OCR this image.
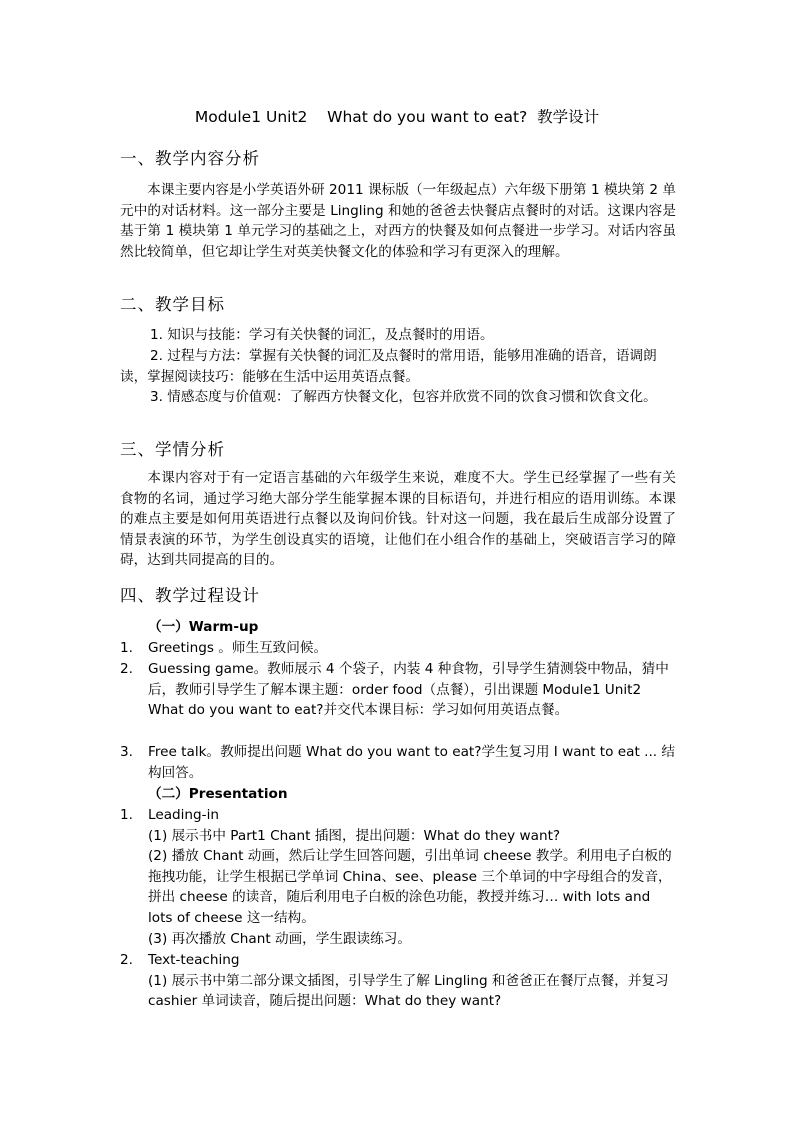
Module1 Unit2    What do you want to eat?  教学设计
一、教学内容分析
本课主要内容是小学英语外研 2011 课标版（一年级起点）六年级下册第 1 模块第 2 单元中的对话材料。这一部分主要是 Lingling 和她的爸爸去快餐店点餐时的对话。这课内容是基于第 1 模块第 1 单元学习的基础之上，对西方的快餐及如何点餐进一步学习。对话内容虽然比较简单，但它却让学生对英美快餐文化的体验和学习有更深入的理解。
二、教学目标
1. 知识与技能：学习有关快餐的词汇，及点餐时的用语。
2. 过程与方法：掌握有关快餐的词汇及点餐时的常用语，能够用准确的语音，语调朗读，掌握阅读技巧：能够在生活中运用英语点餐。
3. 情感态度与价值观：了解西方快餐文化，包容并欣赏不同的饮食习惯和饮食文化。
三、学情分析
本课内容对于有一定语言基础的六年级学生来说，难度不大。学生已经掌握了一些有关食物的名词，通过学习绝大部分学生能掌握本课的目标语句，并进行相应的语用训练。本课的难点主要是如何用英语进行点餐以及询问价钱。针对这一问题，我在最后生成部分设置了情景表演的环节，为学生创设真实的语境，让他们在小组合作的基础上，突破语言学习的障碍，达到共同提高的目的。
四、教学过程设计
（一）Warm-up
1.	Greetings 。师生互致问候。
2.	Guessing game。教师展示 4 个袋子，内装 4 种食物，引导学生猜测袋中物品，猜中后，教师引导学生了解本课主题：order food（点餐），引出课题 Module1 Unit2 What do you want to eat?并交代本课目标：学习如何用英语点餐。
3.	Free talk。教师提出问题 What do you want to eat?学生复习用 I want to eat ... 结构回答。
（二）Presentation
1.	Leading-in
(1) 展示书中 Part1 Chant 插图，提出问题：What do they want?
(2) 播放 Chant 动画，然后让学生回答问题，引出单词 cheese 教学。利用电子白板的拖拽功能，让学生根据已学单词 China、see、please 三个单词的中字母组合的发音，拼出 cheese 的读音，随后利用电子白板的涂色功能，教授并练习… with lots and lots of cheese 这一结构。
(3) 再次播放 Chant 动画，学生跟读练习。
2.	Text-teaching
(1) 展示书中第二部分课文插图，引导学生了解 Lingling 和爸爸正在餐厅点餐，并复习 cashier 单词读音，随后提出问题：What do they want?
